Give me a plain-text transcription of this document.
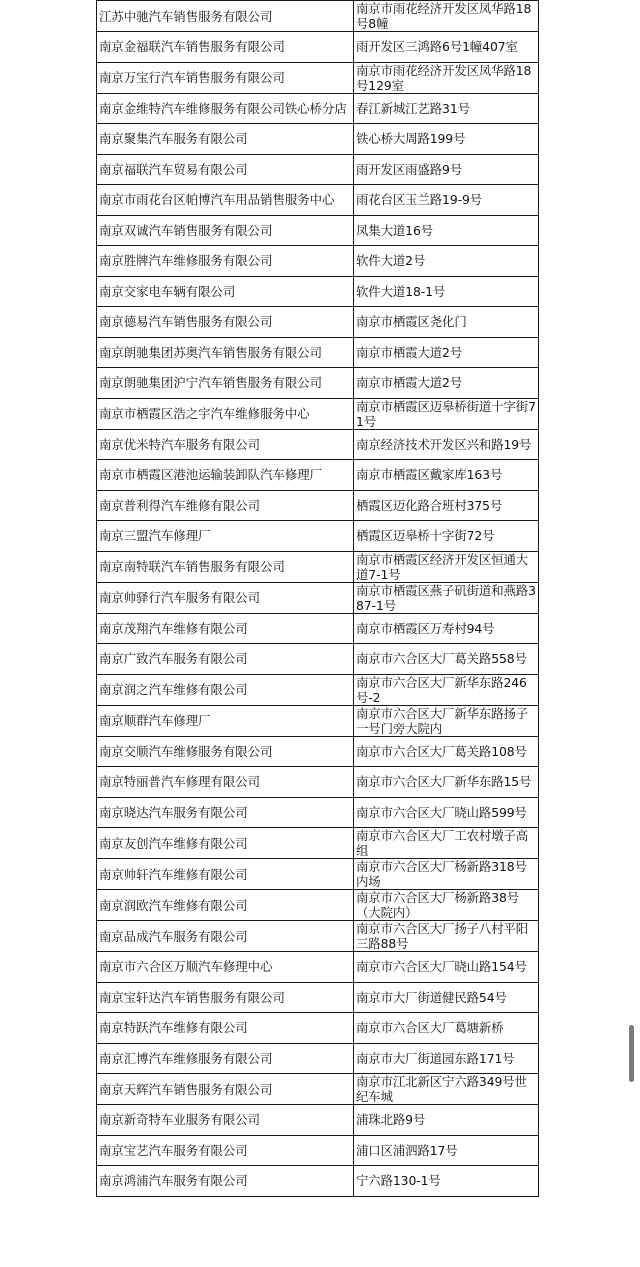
江苏中驰汽车销售服务有限公司	南京市雨花经济开发区凤华路18号8幢
南京金福联汽车销售服务有限公司	雨开发区三鸿路6号1幢407室
南京万宝行汽车销售服务有限公司	南京市雨花经济开发区凤华路18号129室
南京金维特汽车维修服务有限公司铁心桥分店	春江新城江艺路31号
南京聚集汽车服务有限公司	铁心桥大周路199号
南京福联汽车贸易有限公司	雨开发区雨盛路9号
南京市雨花台区帕博汽车用品销售服务中心	雨花台区玉兰路19-9号
南京双诚汽车销售服务有限公司	凤集大道16号
南京胜牌汽车维修服务有限公司	软件大道2号
南京交家电车辆有限公司	软件大道18-1号
南京德易汽车销售服务有限公司	南京市栖霞区尧化门
南京朗驰集团苏奥汽车销售服务有限公司	南京市栖霞大道2号
南京朗驰集团沪宁汽车销售服务有限公司	南京市栖霞大道2号
南京市栖霞区浩之宇汽车维修服务中心	南京市栖霞区迈皋桥街道十字街71号
南京优米特汽车服务有限公司	南京经济技术开发区兴和路19号
南京市栖霞区港池运输装卸队汽车修理厂	南京市栖霞区戴家库163号
南京普利得汽车维修有限公司	栖霞区迈化路合班村375号
南京三盟汽车修理厂	栖霞区迈皋桥十字街72号
南京南特联汽车销售服务有限公司	南京市栖霞区经济开发区恒通大道7-1号
南京帅驿行汽车服务有限公司	南京市栖霞区燕子矶街道和燕路387-1号
南京茂翔汽车维修有限公司	南京市栖霞区万寿村94号
南京广致汽车服务有限公司	南京市六合区大厂葛关路558号
南京润之汽车维修有限公司	南京市六合区大厂新华东路246号-2
南京顺群汽车修理厂	南京市六合区大厂新华东路扬子一号门旁大院内
南京交顺汽车维修服务有限公司	南京市六合区大厂葛关路108号
南京特丽普汽车修理有限公司	南京市六合区大厂新华东路15号
南京晓达汽车服务有限公司	南京市六合区大厂晓山路599号
南京友创汽车维修有限公司	南京市六合区大厂工农村墩子高组
南京帅轩汽车维修有限公司	南京市六合区大厂杨新路318号内场
南京润欧汽车维修有限公司	南京市六合区大厂杨新路38号（大院内）
南京品成汽车服务有限公司	南京市六合区大厂扬子八村平阳三路88号
南京市六合区万顺汽车修理中心	南京市六合区大厂晓山路154号
南京宝轩达汽车销售服务有限公司	南京市大厂街道健民路54号
南京特跃汽车维修有限公司	南京市六合区大厂葛塘新桥
南京汇博汽车维修服务有限公司	南京市大厂街道园东路171号
南京天辉汽车销售服务有限公司	南京市江北新区宁六路349号世纪车城
南京新奇特车业服务有限公司	浦珠北路9号
南京宝艺汽车服务有限公司	浦口区浦泗路17号
南京鸿浦汽车服务有限公司	宁六路130-1号
